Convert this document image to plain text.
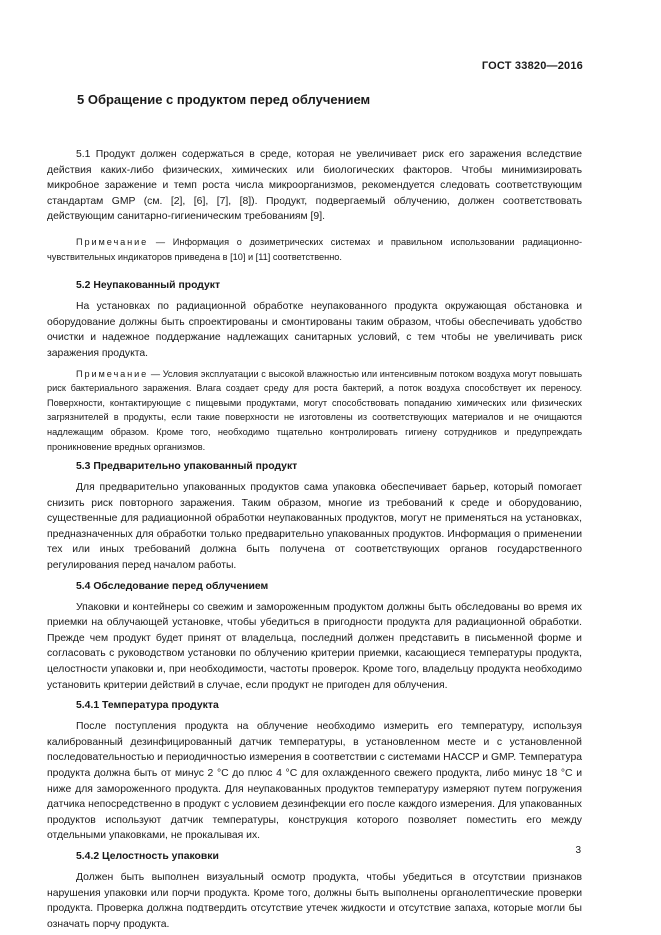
ГОСТ 33820—2016
5 Обращение с продуктом перед облучением

5.1 Продукт должен содержаться в среде, которая не увеличивает риск его заражения вследствие действия каких-либо физических, химических или биологических факторов. Чтобы минимизировать микробное заражение и темп роста числа микроорганизмов, рекомендуется следовать соответствующим стандартам GMP (см. [2], [6], [7], [8]). Продукт, подвергаемый облучению, должен соответствовать действующим санитарно-гигиеническим требованиям [9].

Примечание — Информация о дозиметрических системах и правильном использовании радиационно-чувствительных индикаторов приведена в [10] и [11] соответственно.

5.2 Неупакованный продукт

На установках по радиационной обработке неупакованного продукта окружающая обстановка и оборудование должны быть спроектированы и смонтированы таким образом, чтобы обеспечивать удобство очистки и надежное поддержание надлежащих санитарных условий, с тем чтобы не увеличивать риск заражения продукта.

Примечание — Условия эксплуатации с высокой влажностью или интенсивным потоком воздуха могут повышать риск бактериального заражения. Влага создает среду для роста бактерий, а поток воздуха способствует их переносу. Поверхности, контактирующие с пищевыми продуктами, могут способствовать попаданию химических или физических загрязнителей в продукты, если такие поверхности не изготовлены из соответствующих материалов и не очищаются надлежащим образом. Кроме того, необходимо тщательно контролировать гигиену сотрудников и предупреждать проникновение вредных организмов.

5.3 Предварительно упакованный продукт

Для предварительно упакованных продуктов сама упаковка обеспечивает барьер, который помогает снизить риск повторного заражения. Таким образом, многие из требований к среде и оборудованию, существенные для радиационной обработки неупакованных продуктов, могут не применяться на установках, предназначенных для обработки только предварительно упакованных продуктов. Информация о применении тех или иных требований должна быть получена от соответствующих органов государственного регулирования перед началом работы.

5.4 Обследование перед облучением

Упаковки и контейнеры со свежим и замороженным продуктом должны быть обследованы во время их приемки на облучающей установке, чтобы убедиться в пригодности продукта для радиационной обработки. Прежде чем продукт будет принят от владельца, последний должен представить в письменной форме и согласовать с руководством установки по облучению критерии приемки, касающиеся температуры продукта, целостности упаковки и, при необходимости, частоты проверок. Кроме того, владельцу продукта необходимо установить критерии действий в случае, если продукт не пригоден для облучения.

5.4.1 Температура продукта

После поступления продукта на облучение необходимо измерить его температуру, используя калиброванный дезинфицированный датчик температуры, в установленном месте и с установленной последовательностью и периодичностью измерения в соответствии с системами HACCP и GMP. Температура продукта должна быть от минус 2 °C до плюс 4 °C для охлажденного свежего продукта, либо минус 18 °C и ниже для замороженного продукта. Для неупакованных продуктов температуру измеряют путем погружения датчика непосредственно в продукт с условием дезинфекции его после каждого измерения. Для упакованных продуктов используют датчик температуры, конструкция которого позволяет поместить его между отдельными упаковками, не прокалывая их.

5.4.2 Целостность упаковки

Должен быть выполнен визуальный осмотр продукта, чтобы убедиться в отсутствии признаков нарушения упаковки или порчи продукта. Кроме того, должны быть выполнены органолептические проверки продукта. Проверка должна подтвердить отсутствие утечек жидкости и отсутствие запаха, которые могли бы означать порчу продукта.

3
